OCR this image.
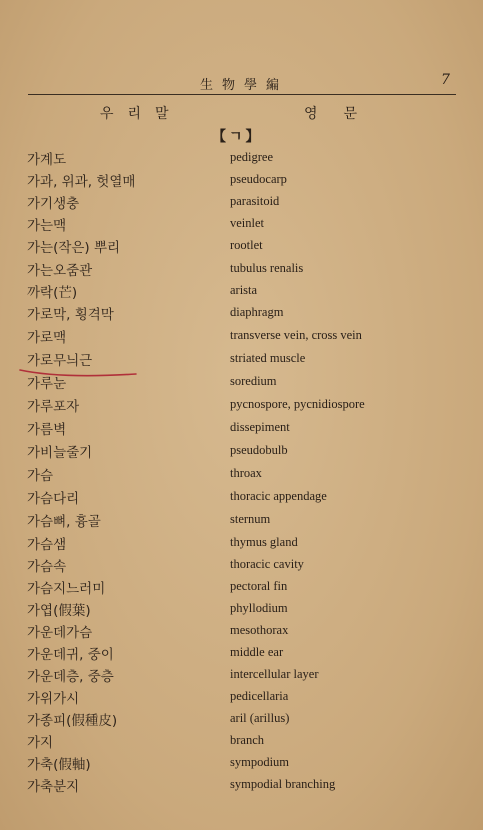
生物學編	7
우리말	영문
【ㄱ】
가계도	pedigree
가과, 위과, 헛열매	pseudocarp
가기생충	parasitoid
가는맥	veinlet
가는(작은) 뿌리	rootlet
가는오줌관	tubulus renalis
까락(芒)	arista
가로막, 횡격막	diaphragm
가로맥	transverse vein, cross vein
가로무늬근	striated muscle
가루눈	soredium
가루포자	pycnospore, pycnidiospore
가름벽	dissepiment
가비늘줄기	pseudobulb
가슴	throax
가슴다리	thoracic appendage
가슴뼈, 흉골	sternum
가슴샘	thymus gland
가슴속	thoracic cavity
가슴지느러미	pectoral fin
가엽(假葉)	phyllodium
가운데가슴	mesothorax
가운데귀, 중이	middle ear
가운데층, 중층	intercellular layer
가위가시	pedicellaria
가종피(假種皮)	aril (arillus)
가지	branch
가축(假軸)	sympodium
가축분지	sympodial branching
